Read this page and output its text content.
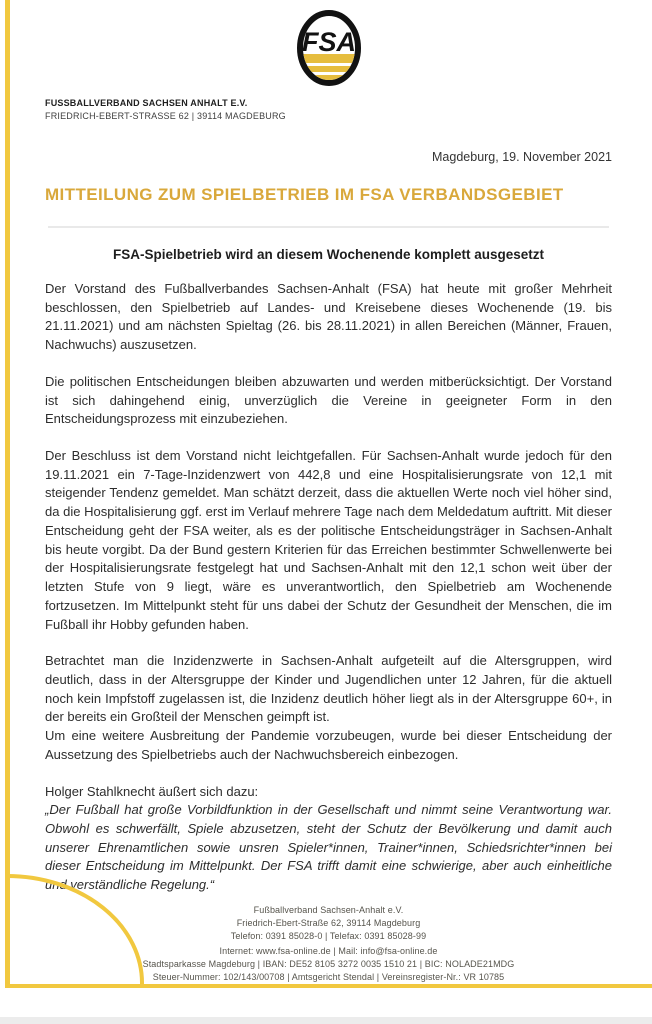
FSA
FUSSBALLVERBAND SACHSEN ANHALT E.V.
FRIEDRICH-EBERT-STRASSE 62 | 39114 MAGDEBURG
Magdeburg, 19. November 2021
MITTEILUNG ZUM SPIELBETRIEB IM FSA VERBANDSGEBIET
FSA-Spielbetrieb wird an diesem Wochenende komplett ausgesetzt

Der Vorstand des Fußballverbandes Sachsen-Anhalt (FSA) hat heute mit großer Mehrheit beschlossen, den Spielbetrieb auf Landes- und Kreisebene dieses Wochenende (19. bis 21.11.2021) und am nächsten Spieltag (26. bis 28.11.2021) in allen Bereichen (Männer, Frauen, Nachwuchs) auszusetzen.

Die politischen Entscheidungen bleiben abzuwarten und werden mitberücksichtigt. Der Vorstand ist sich dahingehend einig, unverzüglich die Vereine in geeigneter Form in den Entscheidungsprozess mit einzubeziehen.

Der Beschluss ist dem Vorstand nicht leichtgefallen. Für Sachsen-Anhalt wurde jedoch für den 19.11.2021 ein 7-Tage-Inzidenzwert von 442,8 und eine Hospitalisierungsrate von 12,1 mit steigender Tendenz gemeldet. Man schätzt derzeit, dass die aktuellen Werte noch viel höher sind, da die Hospitalisierung ggf. erst im Verlauf mehrere Tage nach dem Meldedatum auftritt. Mit dieser Entscheidung geht der FSA weiter, als es der politische Entscheidungsträger in Sachsen-Anhalt bis heute vorgibt. Da der Bund gestern Kriterien für das Erreichen bestimmter Schwellenwerte bei der Hospitalisierungsrate festgelegt hat und Sachsen-Anhalt mit den 12,1 schon weit über der letzten Stufe von 9 liegt, wäre es unverantwortlich, den Spielbetrieb am Wochenende fortzusetzen. Im Mittelpunkt steht für uns dabei der Schutz der Gesundheit der Menschen, die im Fußball ihr Hobby gefunden haben.

Betrachtet man die Inzidenzwerte in Sachsen-Anhalt aufgeteilt auf die Altersgruppen, wird deutlich, dass in der Altersgruppe der Kinder und Jugendlichen unter 12 Jahren, für die aktuell noch kein Impfstoff zugelassen ist, die Inzidenz deutlich höher liegt als in der Altersgruppe 60+, in der bereits ein Großteil der Menschen geimpft ist.

Um eine weitere Ausbreitung der Pandemie vorzubeugen, wurde bei dieser Entscheidung der Aussetzung des Spielbetriebs auch der Nachwuchsbereich einbezogen.

Holger Stahlknecht äußert sich dazu:

„Der Fußball hat große Vorbildfunktion in der Gesellschaft und nimmt seine Verantwortung war. Obwohl es schwerfällt, Spiele abzusetzen, steht der Schutz der Bevölkerung und damit auch unserer Ehrenamtlichen sowie unsren Spieler*innen, Trainer*innen, Schiedsrichter*innen bei dieser Entscheidung im Mittelpunkt. Der FSA trifft damit eine schwierige, aber auch einheitliche und verständliche Regelung.“

Fußballverband Sachsen-Anhalt e.V.
Friedrich-Ebert-Straße 62, 39114 Magdeburg
Telefon: 0391 85028-0 | Telefax: 0391 85028-99
Internet: www.fsa-online.de | Mail: info@fsa-online.de
Stadtsparkasse Magdeburg | IBAN: DE52 8105 3272 0035 1510 21 | BIC: NOLADE21MDG
Steuer-Nummer: 102/143/00708 | Amtsgericht Stendal | Vereinsregister-Nr.: VR 10785
